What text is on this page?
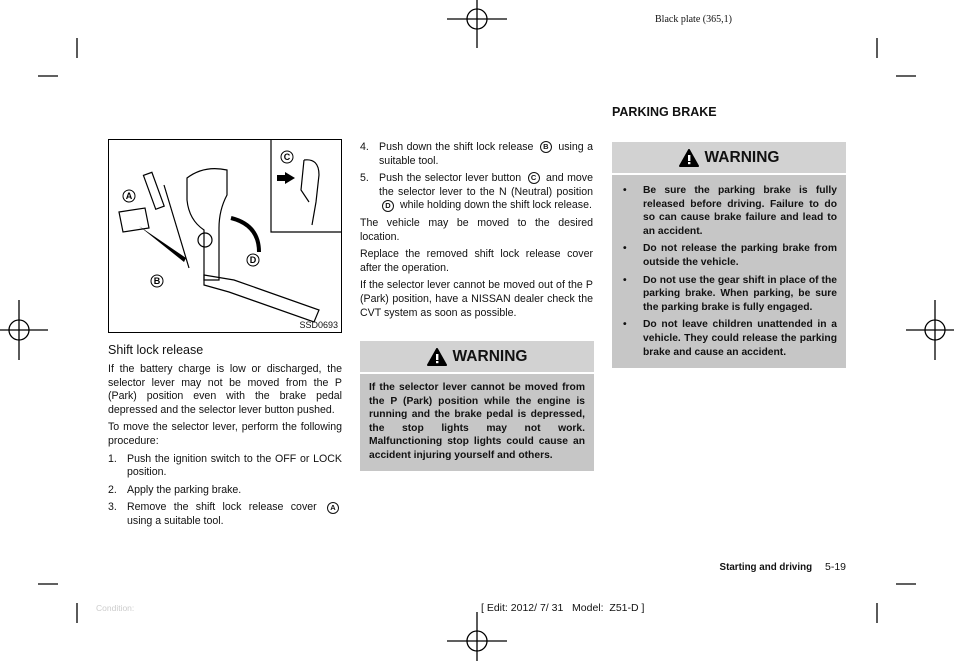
Black plate (365,1)
A
B
C
D
SSD0693
Shift lock release

If the battery charge is low or discharged, the selector lever may not be moved from the P (Park) position even with the brake pedal depressed and the selector lever button pushed.

To move the selector lever, perform the following procedure:

1. Push the ignition switch to the OFF or LOCK position.
2. Apply the parking brake.
3. Remove the shift lock release cover A using a suitable tool.
4. Push down the shift lock release B using a suitable tool.
5. Push the selector lever button C and move the selector lever to the N (Neutral) position D while holding down the shift lock release.

The vehicle may be moved to the desired location.

Replace the removed shift lock release cover after the operation.

If the selector lever cannot be moved out of the P (Park) position, have a NISSAN dealer check the CVT system as soon as possible.

WARNING
If the selector lever cannot be moved from the P (Park) position while the engine is running and the brake pedal is depressed, the stop lights may not work. Malfunctioning stop lights could cause an accident injuring yourself and others.
PARKING BRAKE
WARNING
•	Be sure the parking brake is fully released before driving. Failure to do so can cause brake failure and lead to an accident.
•	Do not release the parking brake from outside the vehicle.
•	Do not use the gear shift in place of the parking brake. When parking, be sure the parking brake is fully engaged.
•	Do not leave children unattended in a vehicle. They could release the parking brake and cause an accident.
Starting and driving 5-19
Condition:	[ Edit: 2012/ 7/ 31   Model:  Z51-D ]
